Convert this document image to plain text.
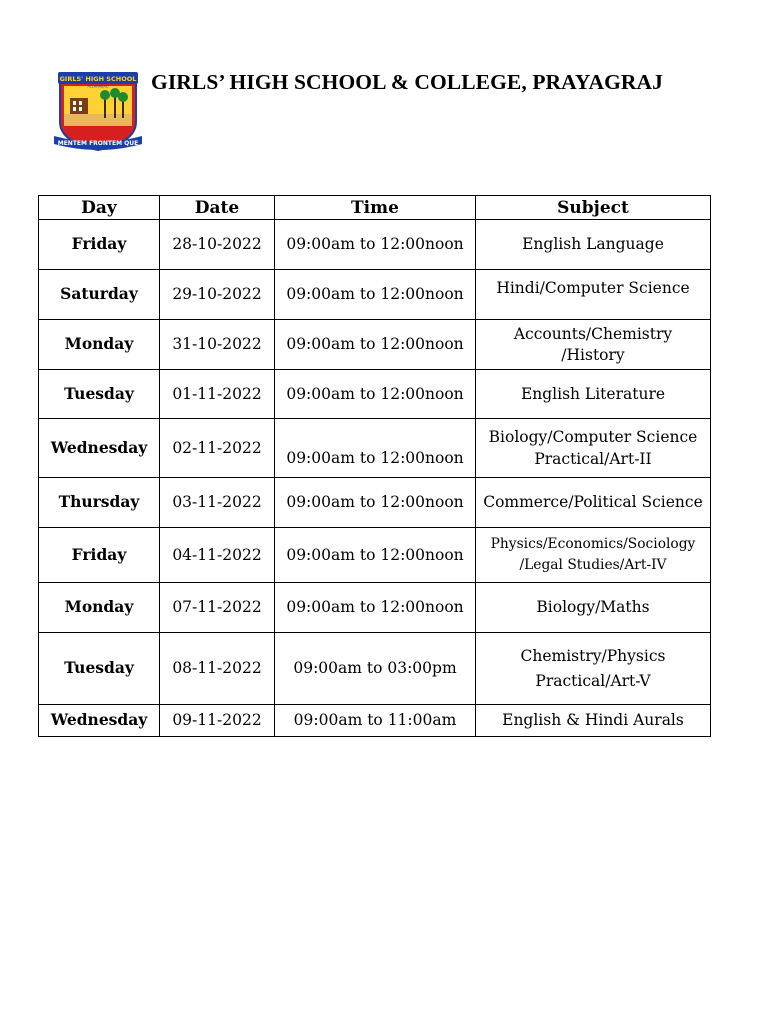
GIRLS' HIGH SCHOOL
ALLAHABAD
MENTEM FRONTEM QUE
GIRLS’ HIGH SCHOOL & COLLEGE, PRAYAGRAJ
Day	Date	Time	Subject
Friday	28-10-2022	09:00am to 12:00noon	English Language
Saturday	29-10-2022	09:00am to 12:00noon	Hindi/Computer Science

Monday	31-10-2022	09:00am to 12:00noon	Accounts/Chemistry
/History
Tuesday	01-11-2022	09:00am to 12:00noon	English Literature
Wednesday	02-11-2022	09:00am to 12:00noon	Biology/Computer Science
Practical/Art-II
Thursday	03-11-2022	09:00am to 12:00noon	Commerce/Political Science
Friday	04-11-2022	09:00am to 12:00noon	Physics/Economics/Sociology
/Legal Studies/Art-IV
Monday	07-11-2022	09:00am to 12:00noon	Biology/Maths
Tuesday	08-11-2022	09:00am to 03:00pm	Chemistry/Physics
Practical/Art-V
Wednesday	09-11-2022	09:00am to 11:00am	English & Hindi Aurals
